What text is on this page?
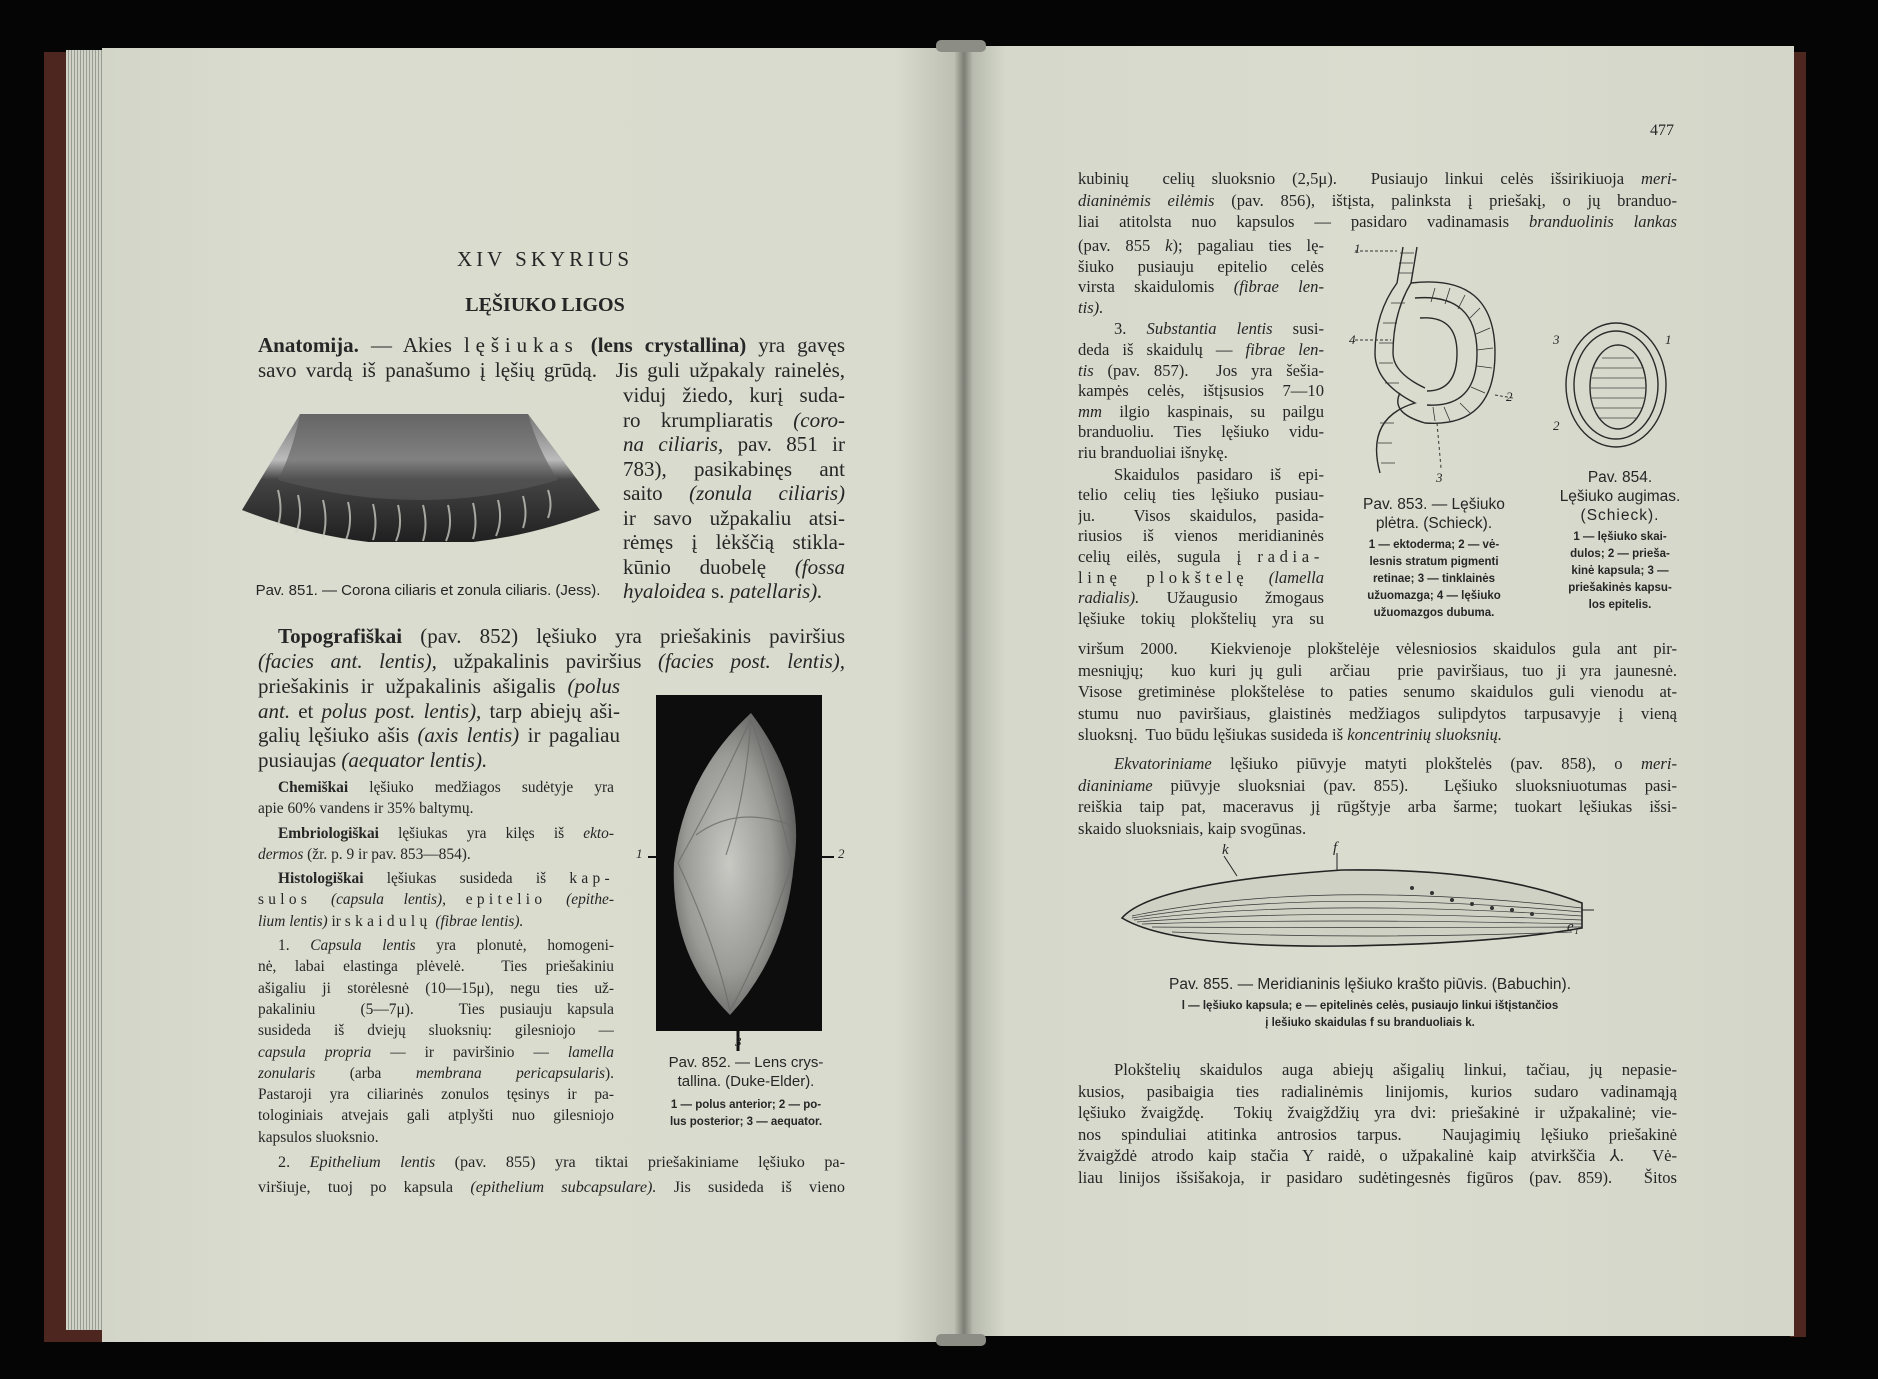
XIV SKYRIUS
LĘŠIUKO LIGOS
Anatomija. — Akies lęšiukas (lens crystallina) yra gavęs
savo vardą iš panašumo į lęšių grūdą.  Jis guli užpakaly rainelės,
viduj žiedo, kurį suda-
ro krumpliaratis (coro-
na ciliaris, pav. 851 ir
783), pasikabinęs ant
saito (zonula ciliaris)
ir savo užpakaliu atsi-
rėmęs į lėkščią stikla-
kūnio duobelę (fossa
hyaloidea s. patellaris).
Pav. 851. — Corona ciliaris et zonula ciliaris. (Jess).
Topografiškai (pav. 852) lęšiuko yra priešakinis paviršius
(facies ant. lentis), užpakalinis paviršius (facies post. lentis),
priešakinis ir užpakalinis ašigalis (polus
ant. et polus post. lentis), tarp abiejų aši-
galių lęšiuko ašis (axis lentis) ir pagaliau
pusiaujas (aequator lentis).
Chemiškai lęšiuko medžiagos sudėtyje yra
apie 60% vandens ir 35% baltymų.
Embriologiškai lęšiukas yra kilęs iš ekto-
dermos (žr. p. 9 ir pav. 853—854).
Histologiškai lęšiukas susideda iš kap-
sulos (capsula lentis), epitelio (epithe-
lium lentis) ir skaidulų (fibrae lentis).
1. Capsula lentis yra plonutė, homogeni-
nė, labai elastinga plėvelė.  Ties priešakiniu
ašigaliu ji storėlesnė (10—15μ), negu ties už-
pakaliniu   (5—7μ).   Ties pusiauju kapsula
susideda iš dviejų sluoksnių: gilesniojo —
capsula propria — ir paviršinio — lamella
zonularis (arba membrana pericapsularis).
Pastaroji yra ciliarinės zonulos tęsinys ir pa-
tologiniais atvejais gali atplyšti nuo gilesniojo
kapsulos sluoksnio.
1	2
3
Pav. 852. — Lens crys-
tallina. (Duke-Elder).
1 — polus anterior; 2 — po-
lus posterior; 3 — aequator.
2. Epithelium lentis (pav. 855) yra tiktai priešakiniame lęšiuko pa-
viršiuje, tuoj po kapsula (epithelium subcapsulare). Jis susideda iš vieno
477
kubinių  celių sluoksnio (2,5μ).  Pusiaujo linkui celės išsirikiuoja meri-
dianinėmis eilėmis (pav. 856), ištįsta, palinksta į priešakį, o jų branduo-
liai atitolsta nuo kapsulos — pasidaro vadinamasis branduolinis lankas
(pav. 855 k); pagaliau ties lę-
šiuko pusiauju epitelio celės
virsta skaidulomis (fibrae len-
tis).
3. Substantia lentis susi-
deda iš skaidulų — fibrae len-
tis (pav. 857).  Jos yra šešia-
kampės celės, ištįsusios 7—10
mm ilgio kaspinais, su pailgu
branduoliu. Ties lęšiuko vidu-
riu branduoliai išnykę.
Skaidulos pasidaro iš epi-
telio celių ties lęšiuko pusiau-
ju.  Visos skaidulos, pasida-
riusios iš vienos meridianinės
celių eilės, sugula į radia-
linę plokštelę (lamella
radialis). Užaugusio žmogaus
lęšiuke tokių plokštelių yra su
viršum 2000.  Kiekvienoje plokštelėje vėlesniosios skaidulos gula ant pir-
mesniųjų;  kuo kuri jų guli  arčiau  prie paviršiaus, tuo ji yra jaunesnė.
Visose gretiminėse plokštelėse to paties senumo skaidulos guli vienodu at-
stumu nuo paviršiaus, glaistinės medžiagos sulipdytos tarpusavyje į vieną
sluoksnį.  Tuo būdu lęšiukas susideda iš koncentrinių sluoksnių.
Ekvatoriniame lęšiuko piūvyje matyti plokštelės (pav. 858), o meri-
dianiniame piūvyje sluoksniai (pav. 855).  Lęšiuko sluoksniuotumas pasi-
reiškia taip pat, maceravus jį rūgštyje arba šarme; tuokart lęšiukas išsi-
skaido sluoksniais, kaip svogūnas.
1
2
3
4
Pav. 853. — Lęšiuko
plėtra. (Schieck).
1 — ektoderma; 2 — vė-
lesnis stratum pigmenti
retinae; 3 — tinklainės
užuomazga; 4 — lęšiuko
užuomazgos dubuma.
3	1
2
Pav. 854.
Lęšiuko augimas.
(Schieck).
1 — lęšiuko skai-
dulos; 2 — prieša-
kinė kapsula; 3 —
priešakinės kapsu-
los epitelis.
k	f
e₁
Pav. 855. — Meridianinis lęšiuko krašto piūvis. (Babuchin).
l — lęšiuko kapsula; e — epitelinės celės, pusiaujo linkui ištįstančios
į lešiuko skaidulas f su branduoliais k.
Plokštelių skaidulos auga abiejų ašigalių linkui, tačiau, jų nepasie-
kusios, pasibaigia ties radialinėmis linijomis, kurios sudaro vadinamąją
lęšiuko žvaigždę.  Tokių žvaigždžių yra dvi: priešakinė ir užpakalinė; vie-
nos spinduliai atitinka antrosios tarpus.  Naujagimių lęšiuko priešakinė
žvaigždė atrodo kaip stačia Y raidė, o užpakalinė kaip atvirkščia ⅄.  Vė-
liau linijos išsišakoja, ir pasidaro sudėtingesnės figūros (pav. 859).  Šitos
